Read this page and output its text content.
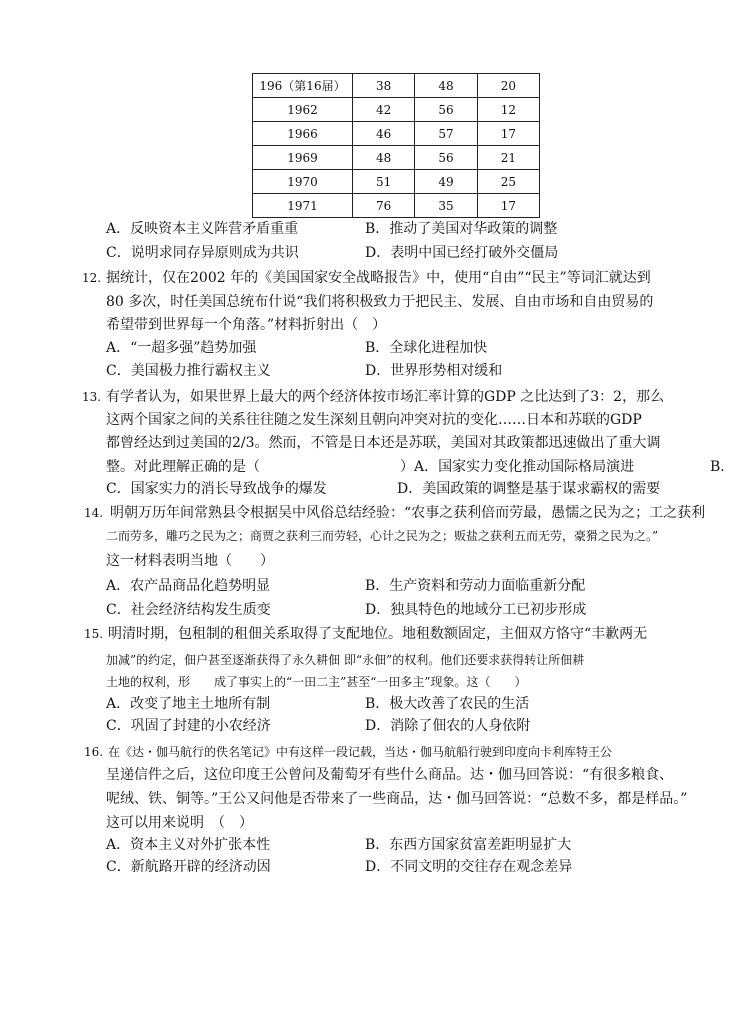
196（第16届）	38	48	20
1962	42	56	12
1966	46	57	17
1969	48	56	21
1970	51	49	25
1971	76	35	17
A．反映资本主义阵营矛盾重重	B．推动了美国对华政策的调整
C．说明求同存异原则成为共识	D．表明中国已经打破外交僵局
12. 据统计，仅在2002 年的《美国国家安全战略报告》中，使用“自由”“民主”等词汇就达到
80 多次，时任美国总统布什说“我们将积极致力于把民主、发展、自由市场和自由贸易的
希望带到世界每一个角落。”材料折射出（　）
A．“一超多强”趋势加强	B．全球化进程加快
C．美国极力推行霸权主义	D．世界形势相对缓和
13. 有学者认为，如果世界上最大的两个经济体按市场汇率计算的GDP 之比达到了3：2，那么
这两个国家之间的关系往往随之发生深刻且朝向冲突对抗的变化……日本和苏联的GDP
都曾经达到过美国的2/3。然而，不管是日本还是苏联，美国对其政策都迅速做出了重大调
整。对此理解正确的是（	）A．国家实力变化推动国际格局演进	B．
C．国家实力的消长导致战争的爆发	D．美国政策的调整是基于谋求霸权的需要
14. 明朝万历年间常熟县令根据吴中风俗总结经验：“农事之获利倍而劳最，愚懦之民为之；工之获利
二而劳多，雕巧之民为之；商贾之获利三而劳轻，心计之民为之；贩盐之获利五而无劳，豪猾之民为之。”
这一材料表明当地（　　）
A．农产品商品化趋势明显	B．生产资料和劳动力面临重新分配
C．社会经济结构发生质变	D．独具特色的地域分工已初步形成
15. 明清时期，包租制的租佃关系取得了支配地位。地租数额固定，主佃双方恪守“丰歉两无
加减”的约定，佃户甚至逐渐获得了永久耕佃 即“永佃”的权利。他们还要求获得转让所佃耕
土地的权利，形　　成了事实上的“一田二主”甚至“一田多主”现象。这（　　）
A．改变了地主土地所有制	B．极大改善了农民的生活
C．巩固了封建的小农经济	D．消除了佃农的人身依附
16. 在《达・伽马航行的佚名笔记》中有这样一段记载，当达・伽马航船行驶到印度向卡利库特王公
呈递信件之后，这位印度王公曾问及葡萄牙有些什么商品。达・伽马回答说：“有很多粮食、
呢绒、铁、铜等。”王公又问他是否带来了一些商品，达・伽马回答说：“总数不多，都是样品。”
这可以用来说明　（　）
A．资本主义对外扩张本性	B．东西方国家贫富差距明显扩大
C．新航路开辟的经济动因	D．不同文明的交往存在观念差异
